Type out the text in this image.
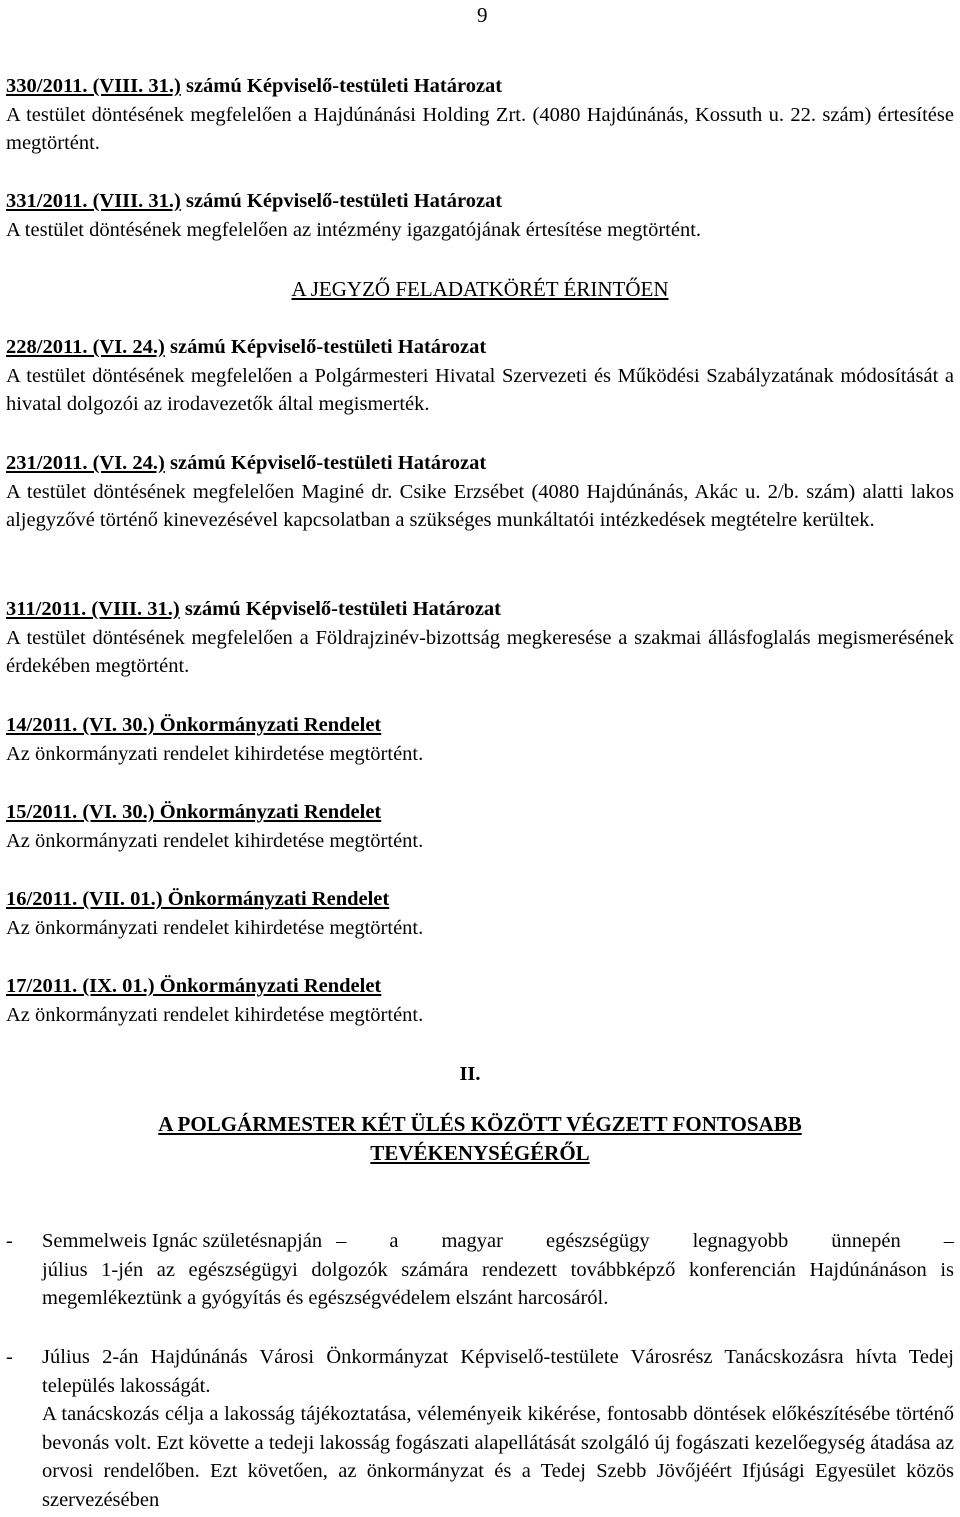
9
330/2011. (VIII. 31.) számú Képviselő-testületi Határozat
A testület döntésének megfelelően a Hajdúnánási Holding Zrt. (4080 Hajdúnánás, Kossuth u. 22. szám) értesítése megtörtént.
331/2011. (VIII. 31.) számú Képviselő-testületi Határozat
A testület döntésének megfelelően az intézmény igazgatójának értesítése megtörtént.
A JEGYZŐ FELADATKÖRÉT ÉRINTŐEN
228/2011. (VI. 24.) számú Képviselő-testületi Határozat
A testület döntésének megfelelően a Polgármesteri Hivatal Szervezeti és Működési Szabályzatának módosítását a hivatal dolgozói az irodavezetők által megismerték.
231/2011. (VI. 24.) számú Képviselő-testületi Határozat
A testület döntésének megfelelően Maginé dr. Csike Erzsébet (4080 Hajdúnánás, Akác u. 2/b. szám) alatti lakos aljegyzővé történő kinevezésével kapcsolatban a szükséges munkáltatói intézkedések megtételre kerültek.
311/2011. (VIII. 31.) számú Képviselő-testületi Határozat
A testület döntésének megfelelően a Földrajzinév-bizottság megkeresése a szakmai állásfoglalás megismerésének érdekében megtörtént.
14/2011. (VI. 30.) Önkormányzati Rendelet
Az önkormányzati rendelet kihirdetése megtörtént.
15/2011. (VI. 30.) Önkormányzati Rendelet
Az önkormányzati rendelet kihirdetése megtörtént.
16/2011. (VII. 01.) Önkormányzati Rendelet
Az önkormányzati rendelet kihirdetése megtörtént.
17/2011. (IX. 01.) Önkormányzati Rendelet
Az önkormányzati rendelet kihirdetése megtörtént.
II.
A POLGÁRMESTER KÉT ÜLÉS KÖZÖTT VÉGZETT FONTOSABB
TEVÉKENYSÉGÉRŐL
- Semmelweis Ignác születésnapján – a magyar egészségügy legnagyobb ünnepén –

július 1-jén az egészségügyi dolgozók számára rendezett továbbképző konferencián Hajdúnánáson is megemlékeztünk a gyógyítás és egészségvédelem elszánt harcosáról.

- Július 2-án Hajdúnánás Városi Önkormányzat Képviselő-testülete Városrész Tanácskozásra hívta Tedej település lakosságát.

A tanácskozás célja a lakosság tájékoztatása, véleményeik kikérése, fontosabb döntések előkészítésébe történő bevonás volt. Ezt követte a tedeji lakosság fogászati alapellátását szolgáló új fogászati kezelőegység átadása az orvosi rendelőben. Ezt követően, az önkormányzat és a Tedej Szebb Jövőjéért Ifjúsági Egyesület közös szervezésében
